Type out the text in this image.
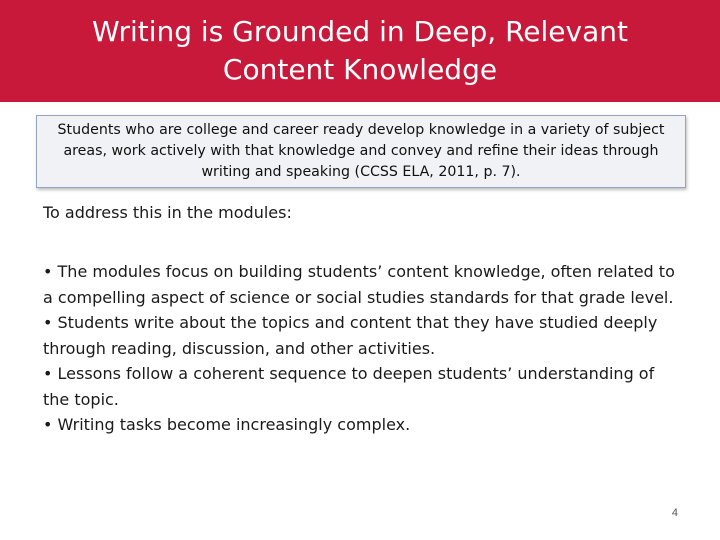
Writing is Grounded in Deep, Relevant Content Knowledge
Students who are college and career ready develop knowledge in a variety of subject areas, work actively with that knowledge and convey and refine their ideas through writing and speaking (CCSS ELA, 2011, p. 7).

To address this in the modules:

• The modules focus on building students’ content knowledge, often related to a compelling aspect of science or social studies standards for that grade level.
• Students write about the topics and content that they have studied deeply through reading, discussion, and other activities.
• Lessons follow a coherent sequence to deepen students’ understanding of the topic.
• Writing tasks become increasingly complex.
4
